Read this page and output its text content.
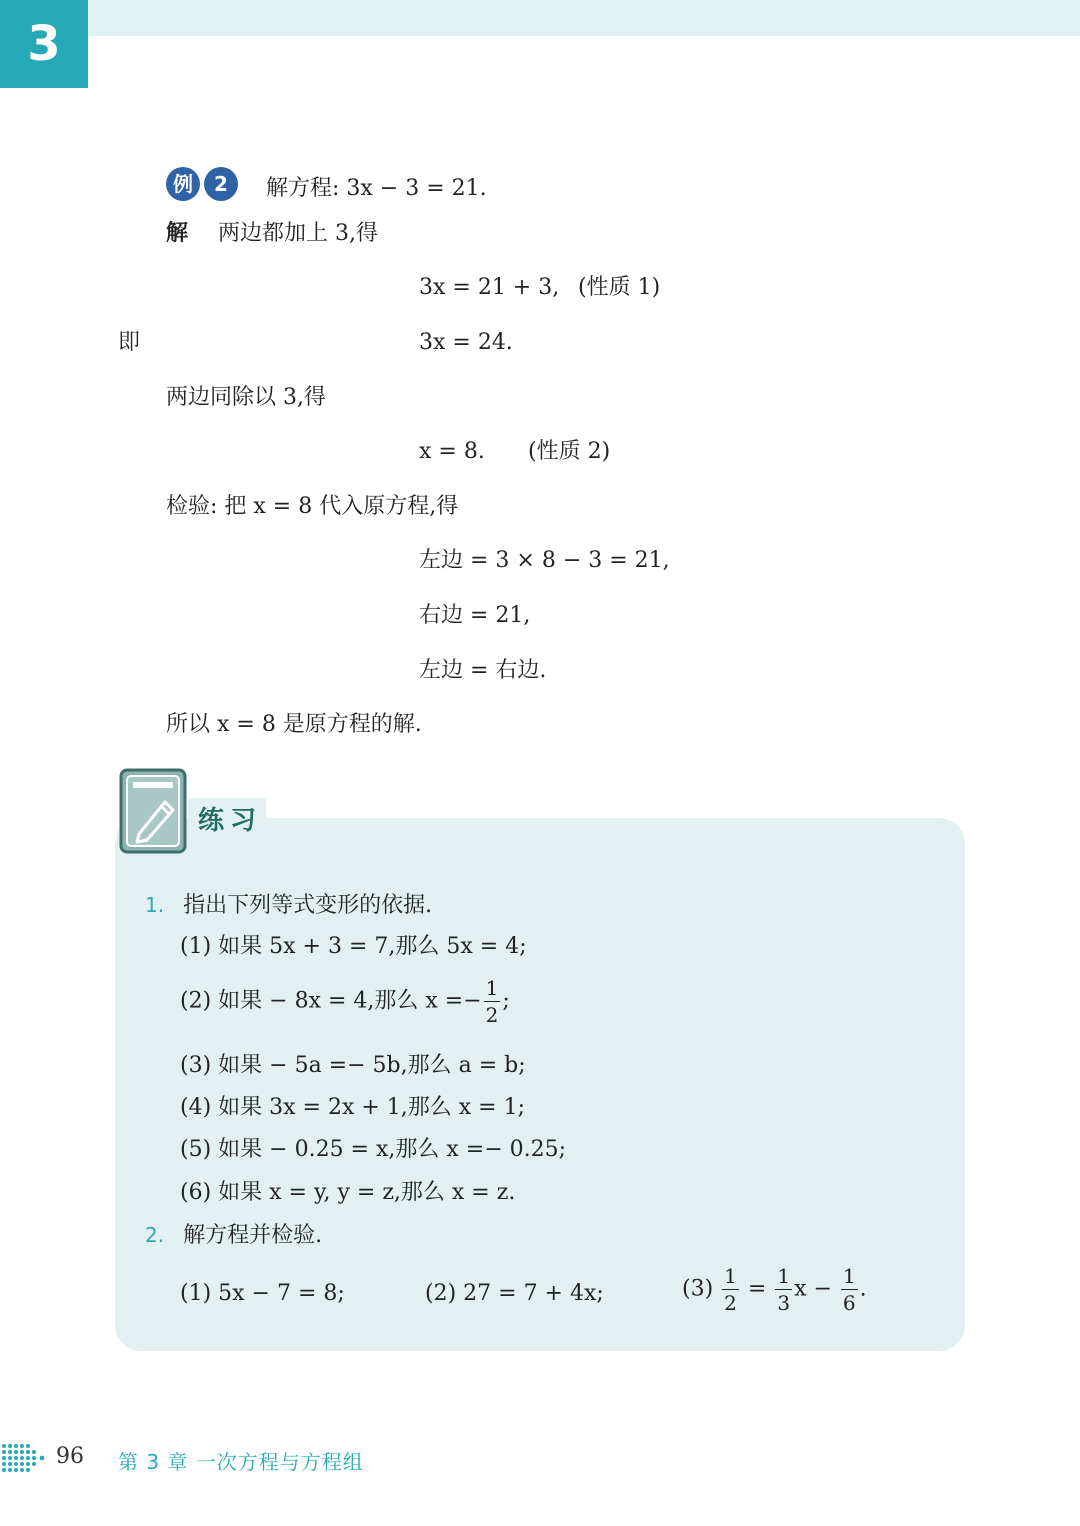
3
例	2	解方程: 3x − 3 = 21.
解 两边都加上 3,得
3x = 21 + 3, (性质 1)
即	3x = 24.
两边同除以 3,得
x = 8. (性质 2)
检验: 把 x = 8 代入原方程,得
左边 = 3 × 8 − 3 = 21,
右边 = 21,
左边 = 右边.
所以 x = 8 是原方程的解.
练习
1. 指出下列等式变形的依据.
(1) 如果 5x + 3 = 7,那么 5x = 4;
(2) 如果 − 8x = 4,那么 $x =- \frac{1}{2}$ ;
(3) 如果 − 5a =− 5b,那么 a = b;
(4) 如果 3x = 2x + 1,那么 x = 1;
(5) 如果 − 0.25 = x,那么 x =− 0.25;
(6) 如果 x = y, y = z,那么 x = z.
2. 解方程并检验.
(1) 5x − 7 = 8;	(2) 27 = 7 + 4x;	$(3) \frac{1}{2} = \frac{1}{3}$ $x - \frac{1}{6}$ .
96 第 3 章 一次方程与方程组
